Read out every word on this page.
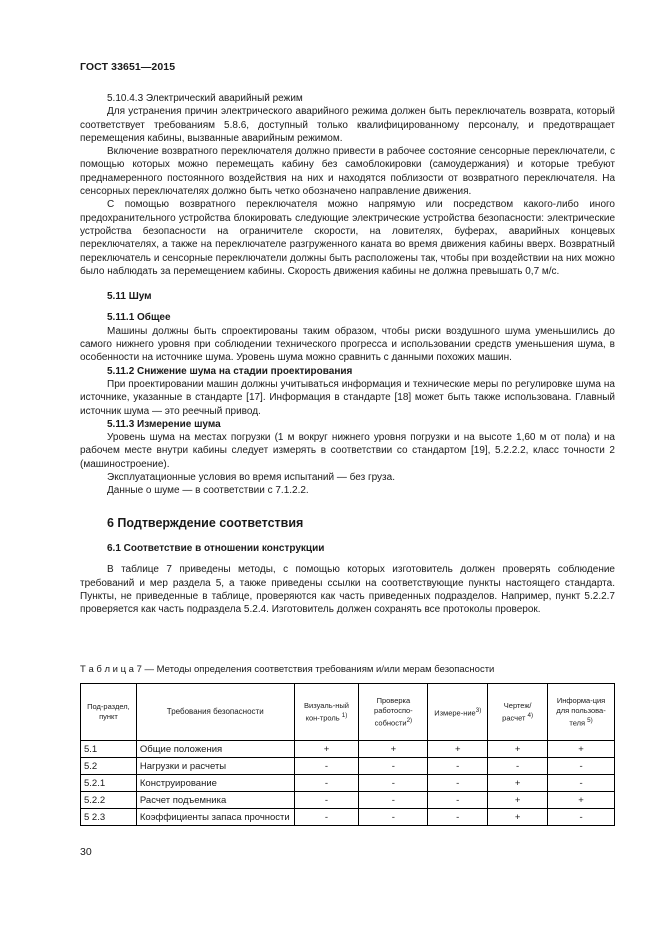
ГОСТ 33651—2015

5.10.4.3 Электрический аварийный режим

Для устранения причин электрического аварийного режима должен быть переключатель возврата, который соответствует требованиям 5.8.6, доступный только квалифицированному персоналу, и предотвращает перемещения кабины, вызванные аварийным режимом.

Включение возвратного переключателя должно привести в рабочее состояние сенсорные переключатели, с помощью которых можно перемещать кабину без самоблокировки (самоудержания) и которые требуют преднамеренного постоянного воздействия на них и находятся поблизости от возвратного переключателя. На сенсорных переключателях должно быть четко обозначено направление движения.

С помощью возвратного переключателя можно напрямую или посредством какого-либо иного предохранительного устройства блокировать следующие электрические устройства безопасности: электрические устройства безопасности на ограничителе скорости, на ловителях, буферах, аварийных концевых переключателях, а также на переключателе разгруженного каната во время движения кабины вверх. Возвратный переключатель и сенсорные переключатели должны быть расположены так, чтобы при воздействии на них можно было наблюдать за перемещением кабины. Скорость движения кабины не должна превышать 0,7 м/с.

5.11 Шум

5.11.1 Общее

Машины должны быть спроектированы таким образом, чтобы риски воздушного шума уменьшились до самого нижнего уровня при соблюдении технического прогресса и использовании средств уменьшения шума, в особенности на источнике шума. Уровень шума можно сравнить с данными похожих машин.

5.11.2 Снижение шума на стадии проектирования

При проектировании машин должны учитываться информация и технические меры по регулировке шума на источнике, указанные в стандарте [17]. Информация в стандарте [18] может быть также использована. Главный источник шума — это реечный привод.

5.11.3 Измерение шума

Уровень шума на местах погрузки (1 м вокруг нижнего уровня погрузки и на высоте 1,60 м от пола) и на рабочем месте внутри кабины следует измерять в соответствии со стандартом [19], 5.2.2.2, класс точности 2 (машиностроение).

Эксплуатационные условия во время испытаний — без груза.

Данные о шуме — в соответствии с 7.1.2.2.

6 Подтверждение соответствия

6.1 Соответствие в отношении конструкции

В таблице 7 приведены методы, с помощью которых изготовитель должен проверять соблюдение требований и мер раздела 5, а также приведены ссылки на соответствующие пункты настоящего стандарта. Пункты, не приведенные в таблице, проверяются как часть приведенных подразделов. Например, пункт 5.2.2.7 проверяется как часть подраздела 5.2.4. Изготовитель должен сохранять все протоколы проверок.

Т а б л и ц а 7 — Методы определения соответствия требованиям и/или мерам безопасности
Под-раздел, пункт	Требования безопасности	Визуаль-ный кон-троль $^{1)}$	Проверка работоспо-собности$^{2)}$	Измере-ние$^{3)}$	Чертеж/ расчет $^{4)}$	Информа-ция для пользова-теля $^{5)}$
5.1	Общие положения	+	+	+	+	+
5.2	Нагрузки и расчеты	-	-	-	-	-
5.2.1	Конструирование	-	-	-	+	-
5.2.2	Расчет подъемника	-	-	-	+	+
5 2.3	Коэффициенты запаса прочности	-	-	-	+	-
30
